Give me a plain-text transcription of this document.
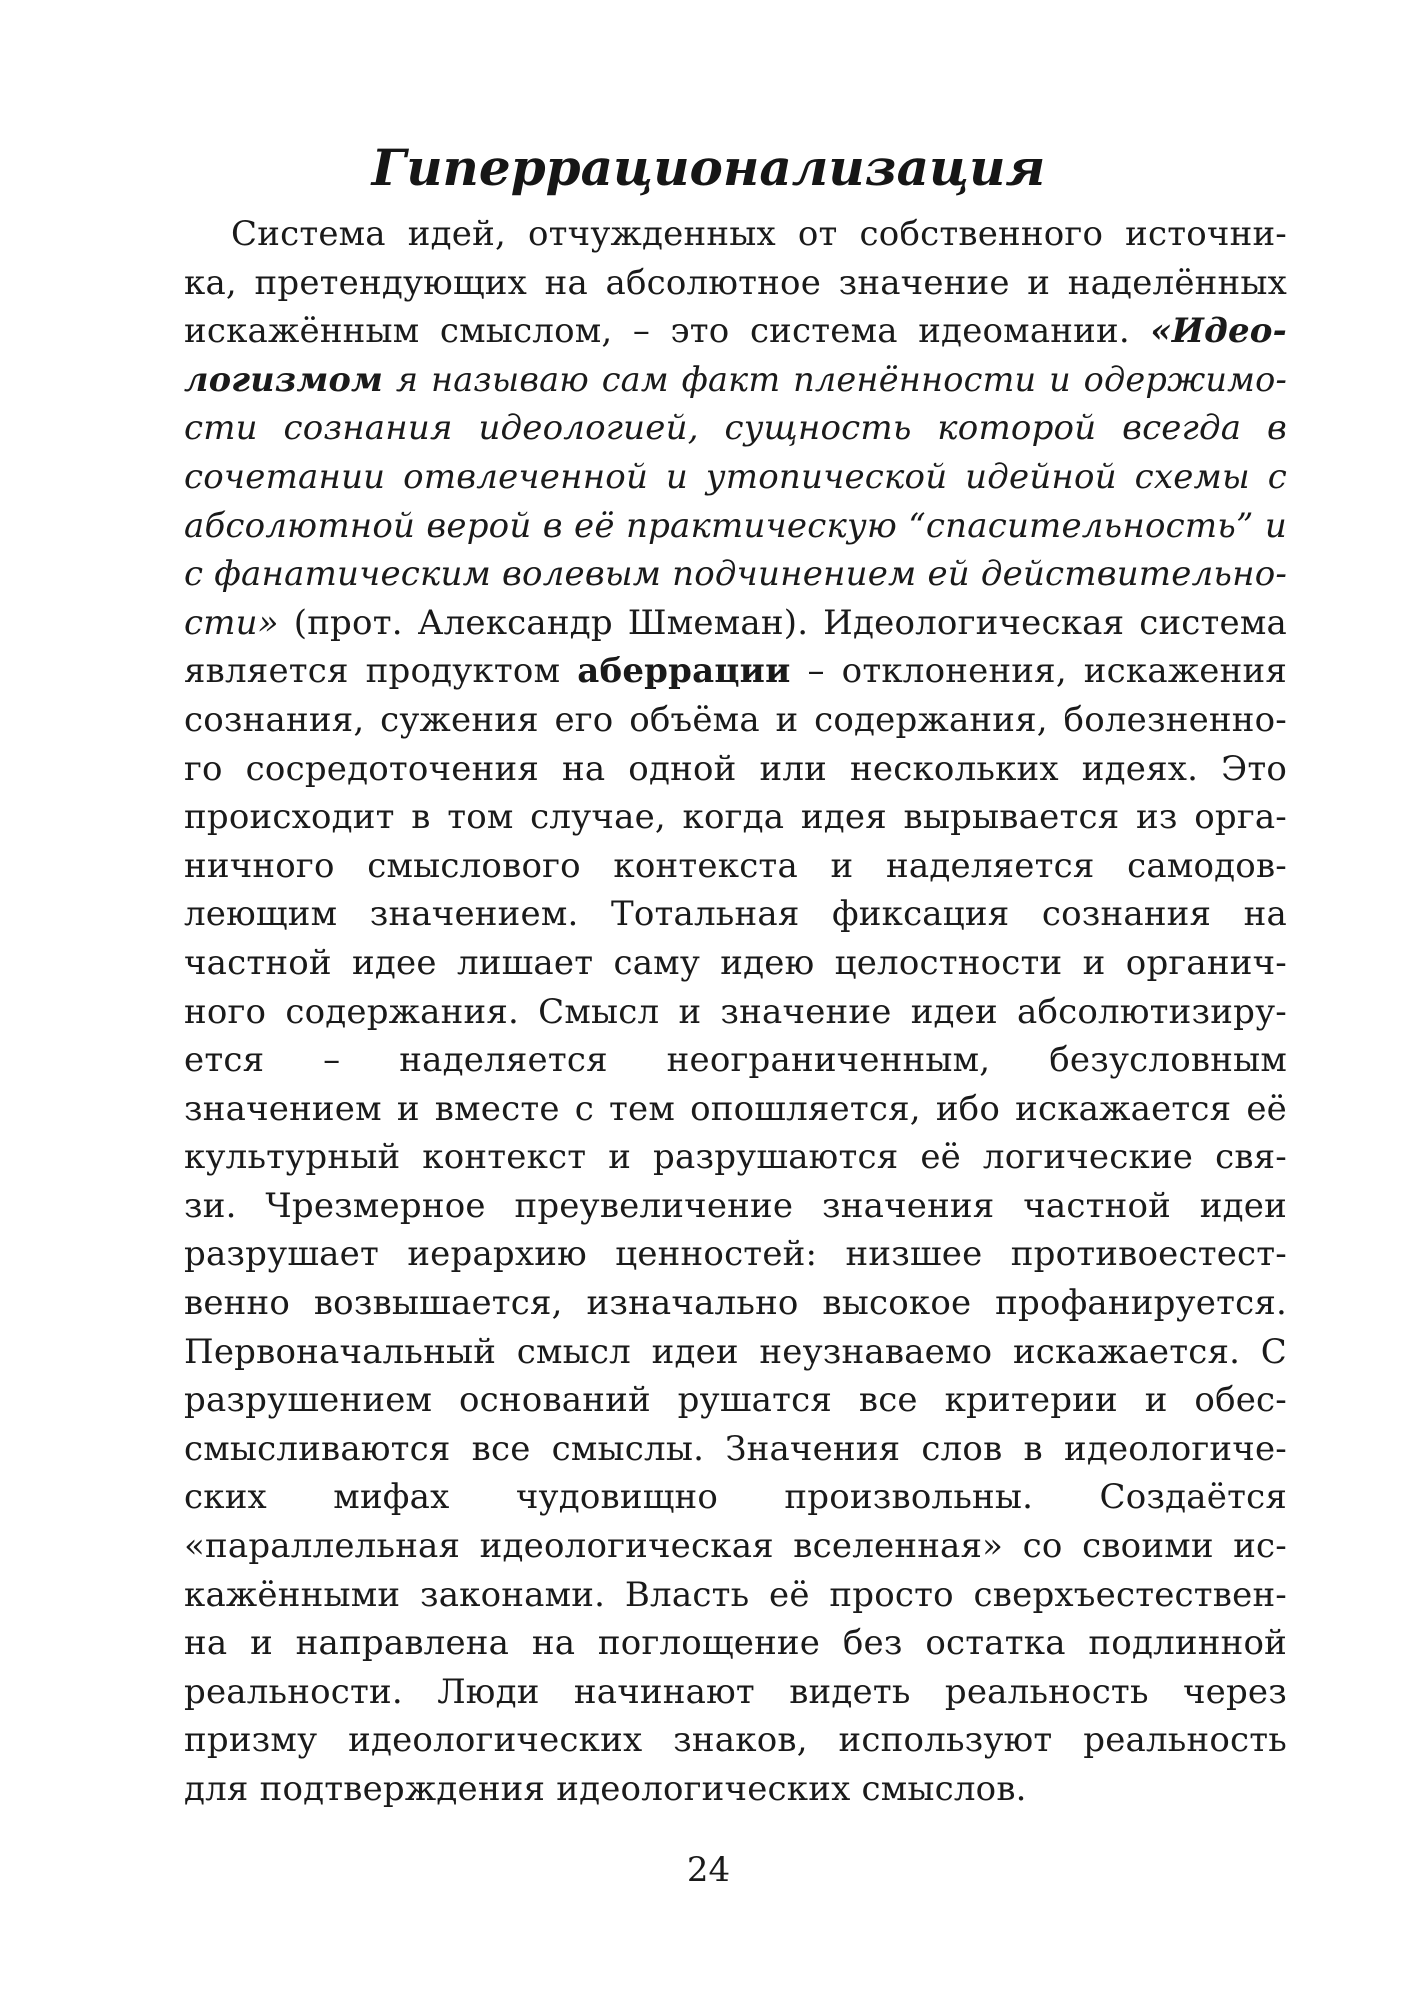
Гиперрационализация
Система идей, отчужденных от собственного источни-
ка, претендующих на абсолютное значение и наделённых
искажённым смыслом, – это система идеомании. «Идео-
логизмом я называю сам факт пленённости и одержимо-
сти сознания идеологией, сущность которой всегда в
сочетании отвлеченной и утопической идейной схемы с
абсолютной верой в её практическую “спасительность” и
с фанатическим волевым подчинением ей действительно-
сти» (прот. Александр Шмеман). Идеологическая система
является продуктом аберрации – отклонения, искажения
сознания, сужения его объёма и содержания, болезненно-
го сосредоточения на одной или нескольких идеях. Это
происходит в том случае, когда идея вырывается из орга-
ничного смыслового контекста и наделяется самодов-
леющим значением. Тотальная фиксация сознания на
частной идее лишает саму идею целостности и органич-
ного содержания. Смысл и значение идеи абсолютизиру-
ется – наделяется неограниченным, безусловным
значением и вместе с тем опошляется, ибо искажается её
культурный контекст и разрушаются её логические свя-
зи. Чрезмерное преувеличение значения частной идеи
разрушает иерархию ценностей: низшее противоестест-
венно возвышается, изначально высокое профанируется.
Первоначальный смысл идеи неузнаваемо искажается. С
разрушением оснований рушатся все критерии и обес-
смысливаются все смыслы. Значения слов в идеологиче-
ских мифах чудовищно произвольны. Создаётся
«параллельная идеологическая вселенная» со своими ис-
кажёнными законами. Власть её просто сверхъестествен-
на и направлена на поглощение без остатка подлинной
реальности. Люди начинают видеть реальность через
призму идеологических знаков, используют реальность
для подтверждения идеологических смыслов.
24
